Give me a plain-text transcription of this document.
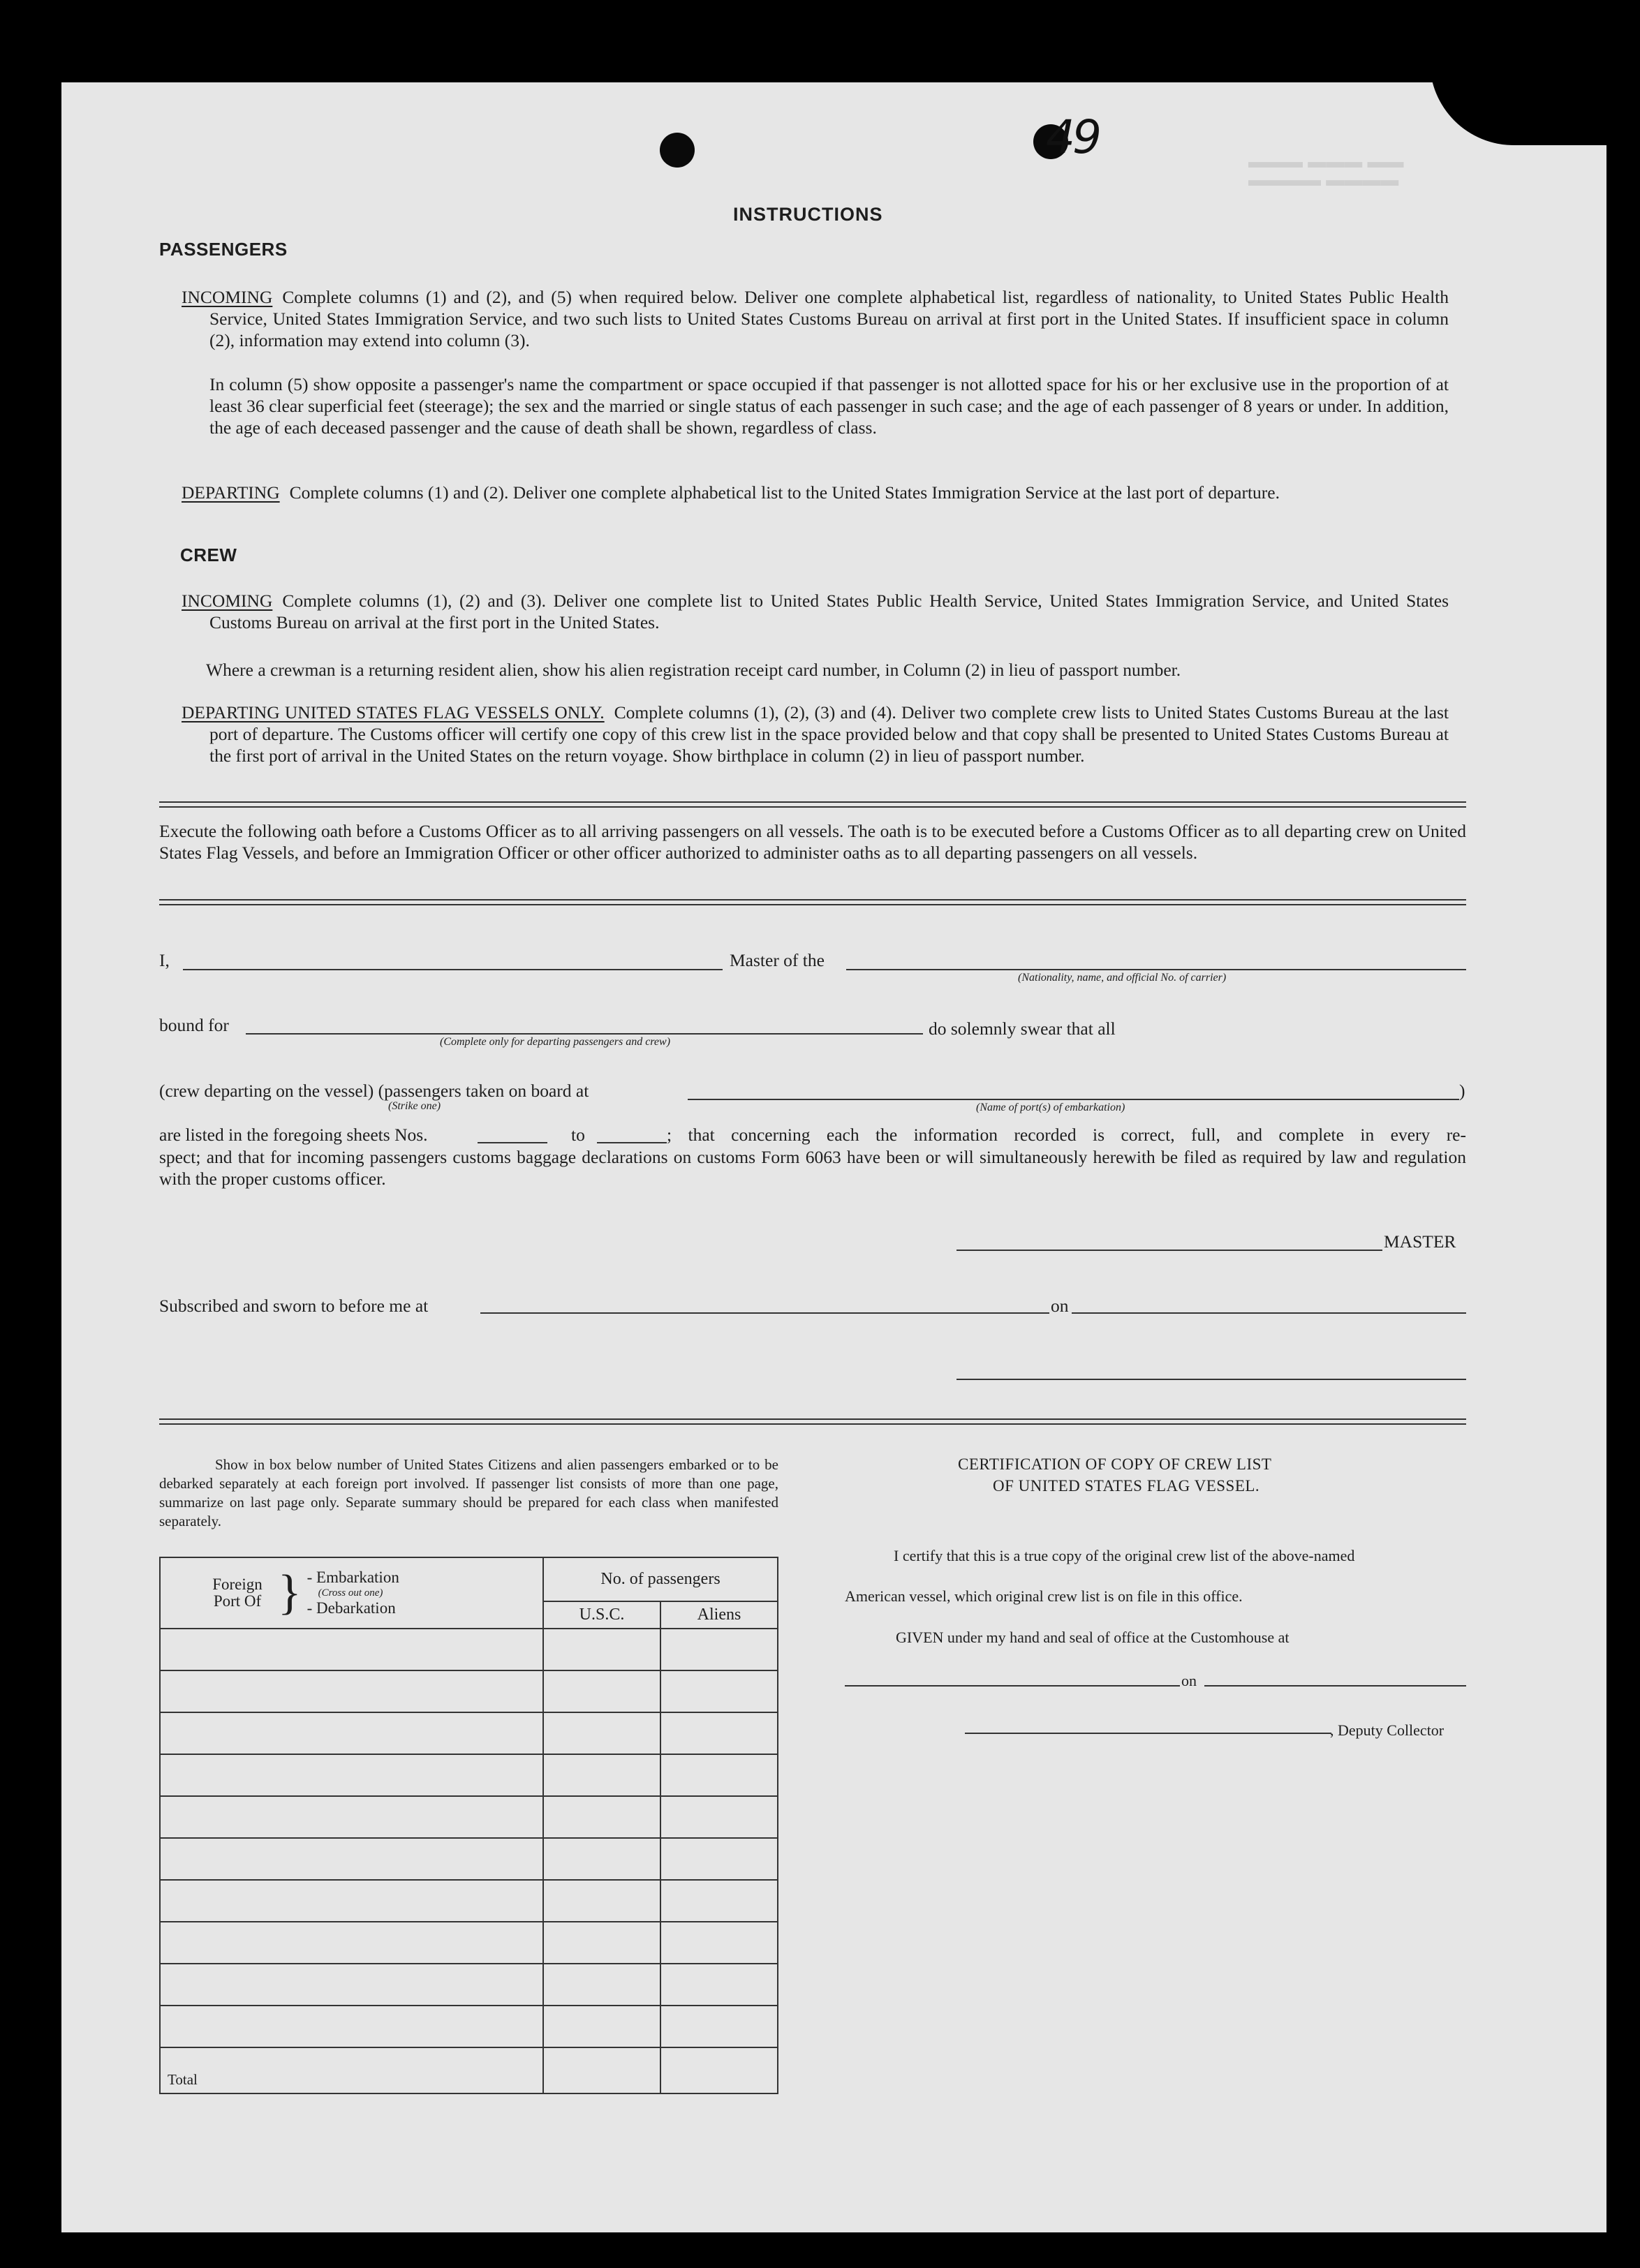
▬▬▬ ▬▬▬ ▬▬
▬▬▬▬ ▬▬▬▬
49
INSTRUCTIONS
PASSENGERS
INCOMING Complete columns (1) and (2), and (5) when required below. Deliver one complete alphabetical list, regardless of nationality, to United States Public Health Service, United States Immigration Service, and two such lists to United States Customs Bureau on arrival at first port in the United States. If insufficient space in column (2), information may extend into column (3).
In column (5) show opposite a passenger's name the compartment or space occupied if that passenger is not allotted space for his or her exclusive use in the proportion of at least 36 clear superficial feet (steerage); the sex and the married or single status of each passenger in such case; and the age of each passenger of 8 years or under. In addition, the age of each deceased passenger and the cause of death shall be shown, regardless of class.
DEPARTING Complete columns (1) and (2). Deliver one complete alphabetical list to the United States Immigration Service at the last port of departure.
CREW
INCOMING Complete columns (1), (2) and (3). Deliver one complete list to United States Public Health Service, United States Immigration Service, and United States Customs Bureau on arrival at the first port in the United States.
Where a crewman is a returning resident alien, show his alien registration receipt card number, in Column (2) in lieu of passport number.
DEPARTING UNITED STATES FLAG VESSELS ONLY. Complete columns (1), (2), (3) and (4). Deliver two complete crew lists to United States Customs Bureau at the last port of departure. The Customs officer will certify one copy of this crew list in the space provided below and that copy shall be presented to United States Customs Bureau at the first port of arrival in the United States on the return voyage. Show birthplace in column (2) in lieu of passport number.
Execute the following oath before a Customs Officer as to all arriving passengers on all vessels. The oath is to be executed before a Customs Officer as to all departing crew on United States Flag Vessels, and before an Immigration Officer or other officer authorized to administer oaths as to all departing passengers on all vessels.
I,	Master of the
(Nationality, name, and official No. of carrier)
bound for
(Complete only for departing passengers and crew)
do solemnly swear that all
(crew departing on the vessel) (passengers taken on board at
(Strike one)
)
(Name of port(s) of embarkation)
are listed in the foregoing sheets Nos.	to	; that concerning each the information recorded is correct, full, and complete in every re-
spect; and that for incoming passengers customs baggage declarations on customs Form 6063 have been or will simultaneously herewith be filed as required by law and regulation with the proper customs officer.
MASTER
Subscribed and sworn to before me at	on
Show in box below number of United States Citizens and alien passengers embarked or to be debarked separately at each foreign port involved. If passenger list consists of more than one page, summarize on last page only. Separate summary should be prepared for each class when manifested separately.
Foreign Port Of } - Embarkation
(Cross out one)
- Debarkation	No. of passengers	
	U.S.C.	Aliens

Total		
CERTIFICATION OF COPY OF CREW LIST
OF UNITED STATES FLAG VESSEL.
I certify that this is a true copy of the original crew list of the above-named
American vessel, which original crew list is on file in this office.
GIVEN under my hand and seal of office at the Customhouse at
on
, Deputy Collector
